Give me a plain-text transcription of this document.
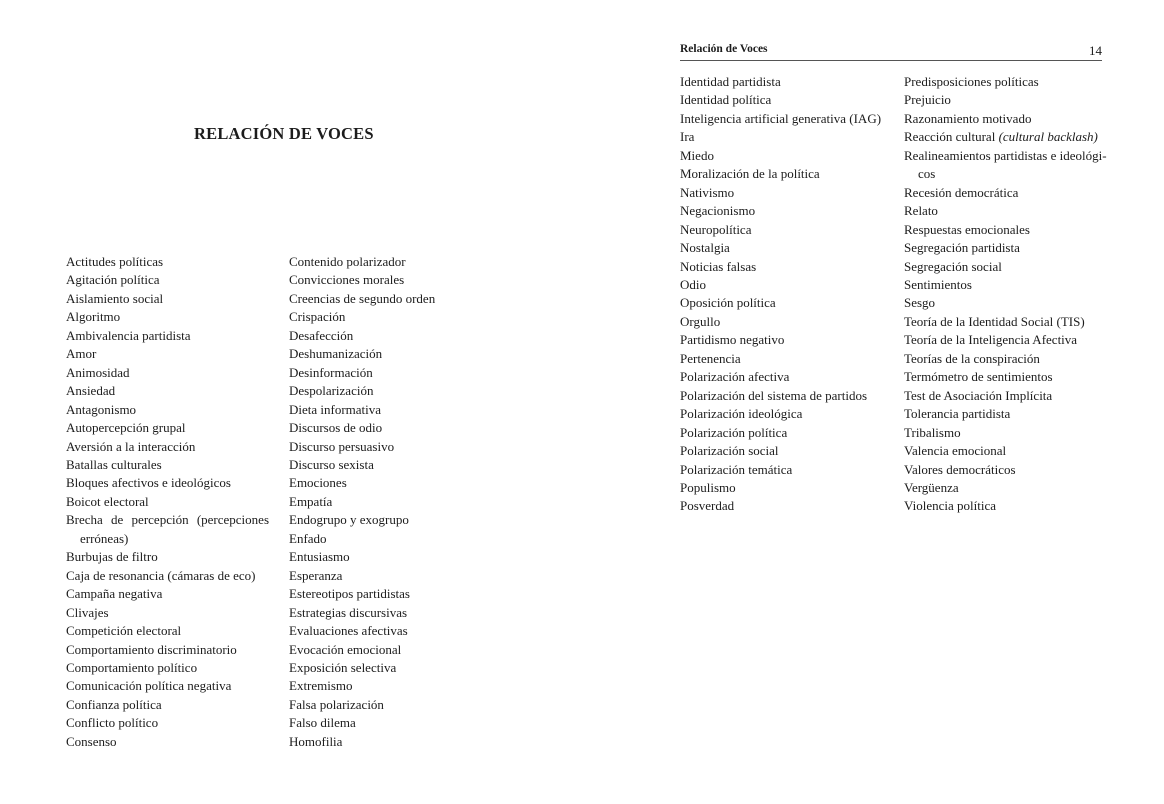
RELACIÓN DE VOCES
Actitudes políticas
Agitación política
Aislamiento social
Algoritmo
Ambivalencia partidista
Amor
Animosidad
Ansiedad
Antagonismo
Autopercepción grupal
Aversión a la interacción
Batallas culturales
Bloques afectivos e ideológicos
Boicot electoral
Brecha de percepción (percepciones erróneas)
Burbujas de filtro
Caja de resonancia (cámaras de eco)
Campaña negativa
Clivajes
Competición electoral
Comportamiento discriminatorio
Comportamiento político
Comunicación política negativa
Confianza política
Conflicto político
Consenso
Contenido polarizador
Convicciones morales
Creencias de segundo orden
Crispación
Desafección
Deshumanización
Desinformación
Despolarización
Dieta informativa
Discursos de odio
Discurso persuasivo
Discurso sexista
Emociones
Empatía
Endogrupo y exogrupo
Enfado
Entusiasmo
Esperanza
Estereotipos partidistas
Estrategias discursivas
Evaluaciones afectivas
Evocación emocional
Exposición selectiva
Extremismo
Falsa polarización
Falso dilema
Homofilia
Relación de Voces	14
Identidad partidista
Identidad política
Inteligencia artificial generativa (IAG)
Ira
Miedo
Moralización de la política
Nativismo
Negacionismo
Neuropolítica
Nostalgia
Noticias falsas
Odio
Oposición política
Orgullo
Partidismo negativo
Pertenencia
Polarización afectiva
Polarización del sistema de partidos
Polarización ideológica
Polarización política
Polarización social
Polarización temática
Populismo
Posverdad
Predisposiciones políticas
Prejuicio
Razonamiento motivado
Reacción cultural (cultural backlash)
Realineamientos partidistas e ideológi-cos
Recesión democrática
Relato
Respuestas emocionales
Segregación partidista
Segregación social
Sentimientos
Sesgo
Teoría de la Identidad Social (TIS)
Teoría de la Inteligencia Afectiva
Teorías de la conspiración
Termómetro de sentimientos
Test de Asociación Implícita
Tolerancia partidista
Tribalismo
Valencia emocional
Valores democráticos
Vergüenza
Violencia política
